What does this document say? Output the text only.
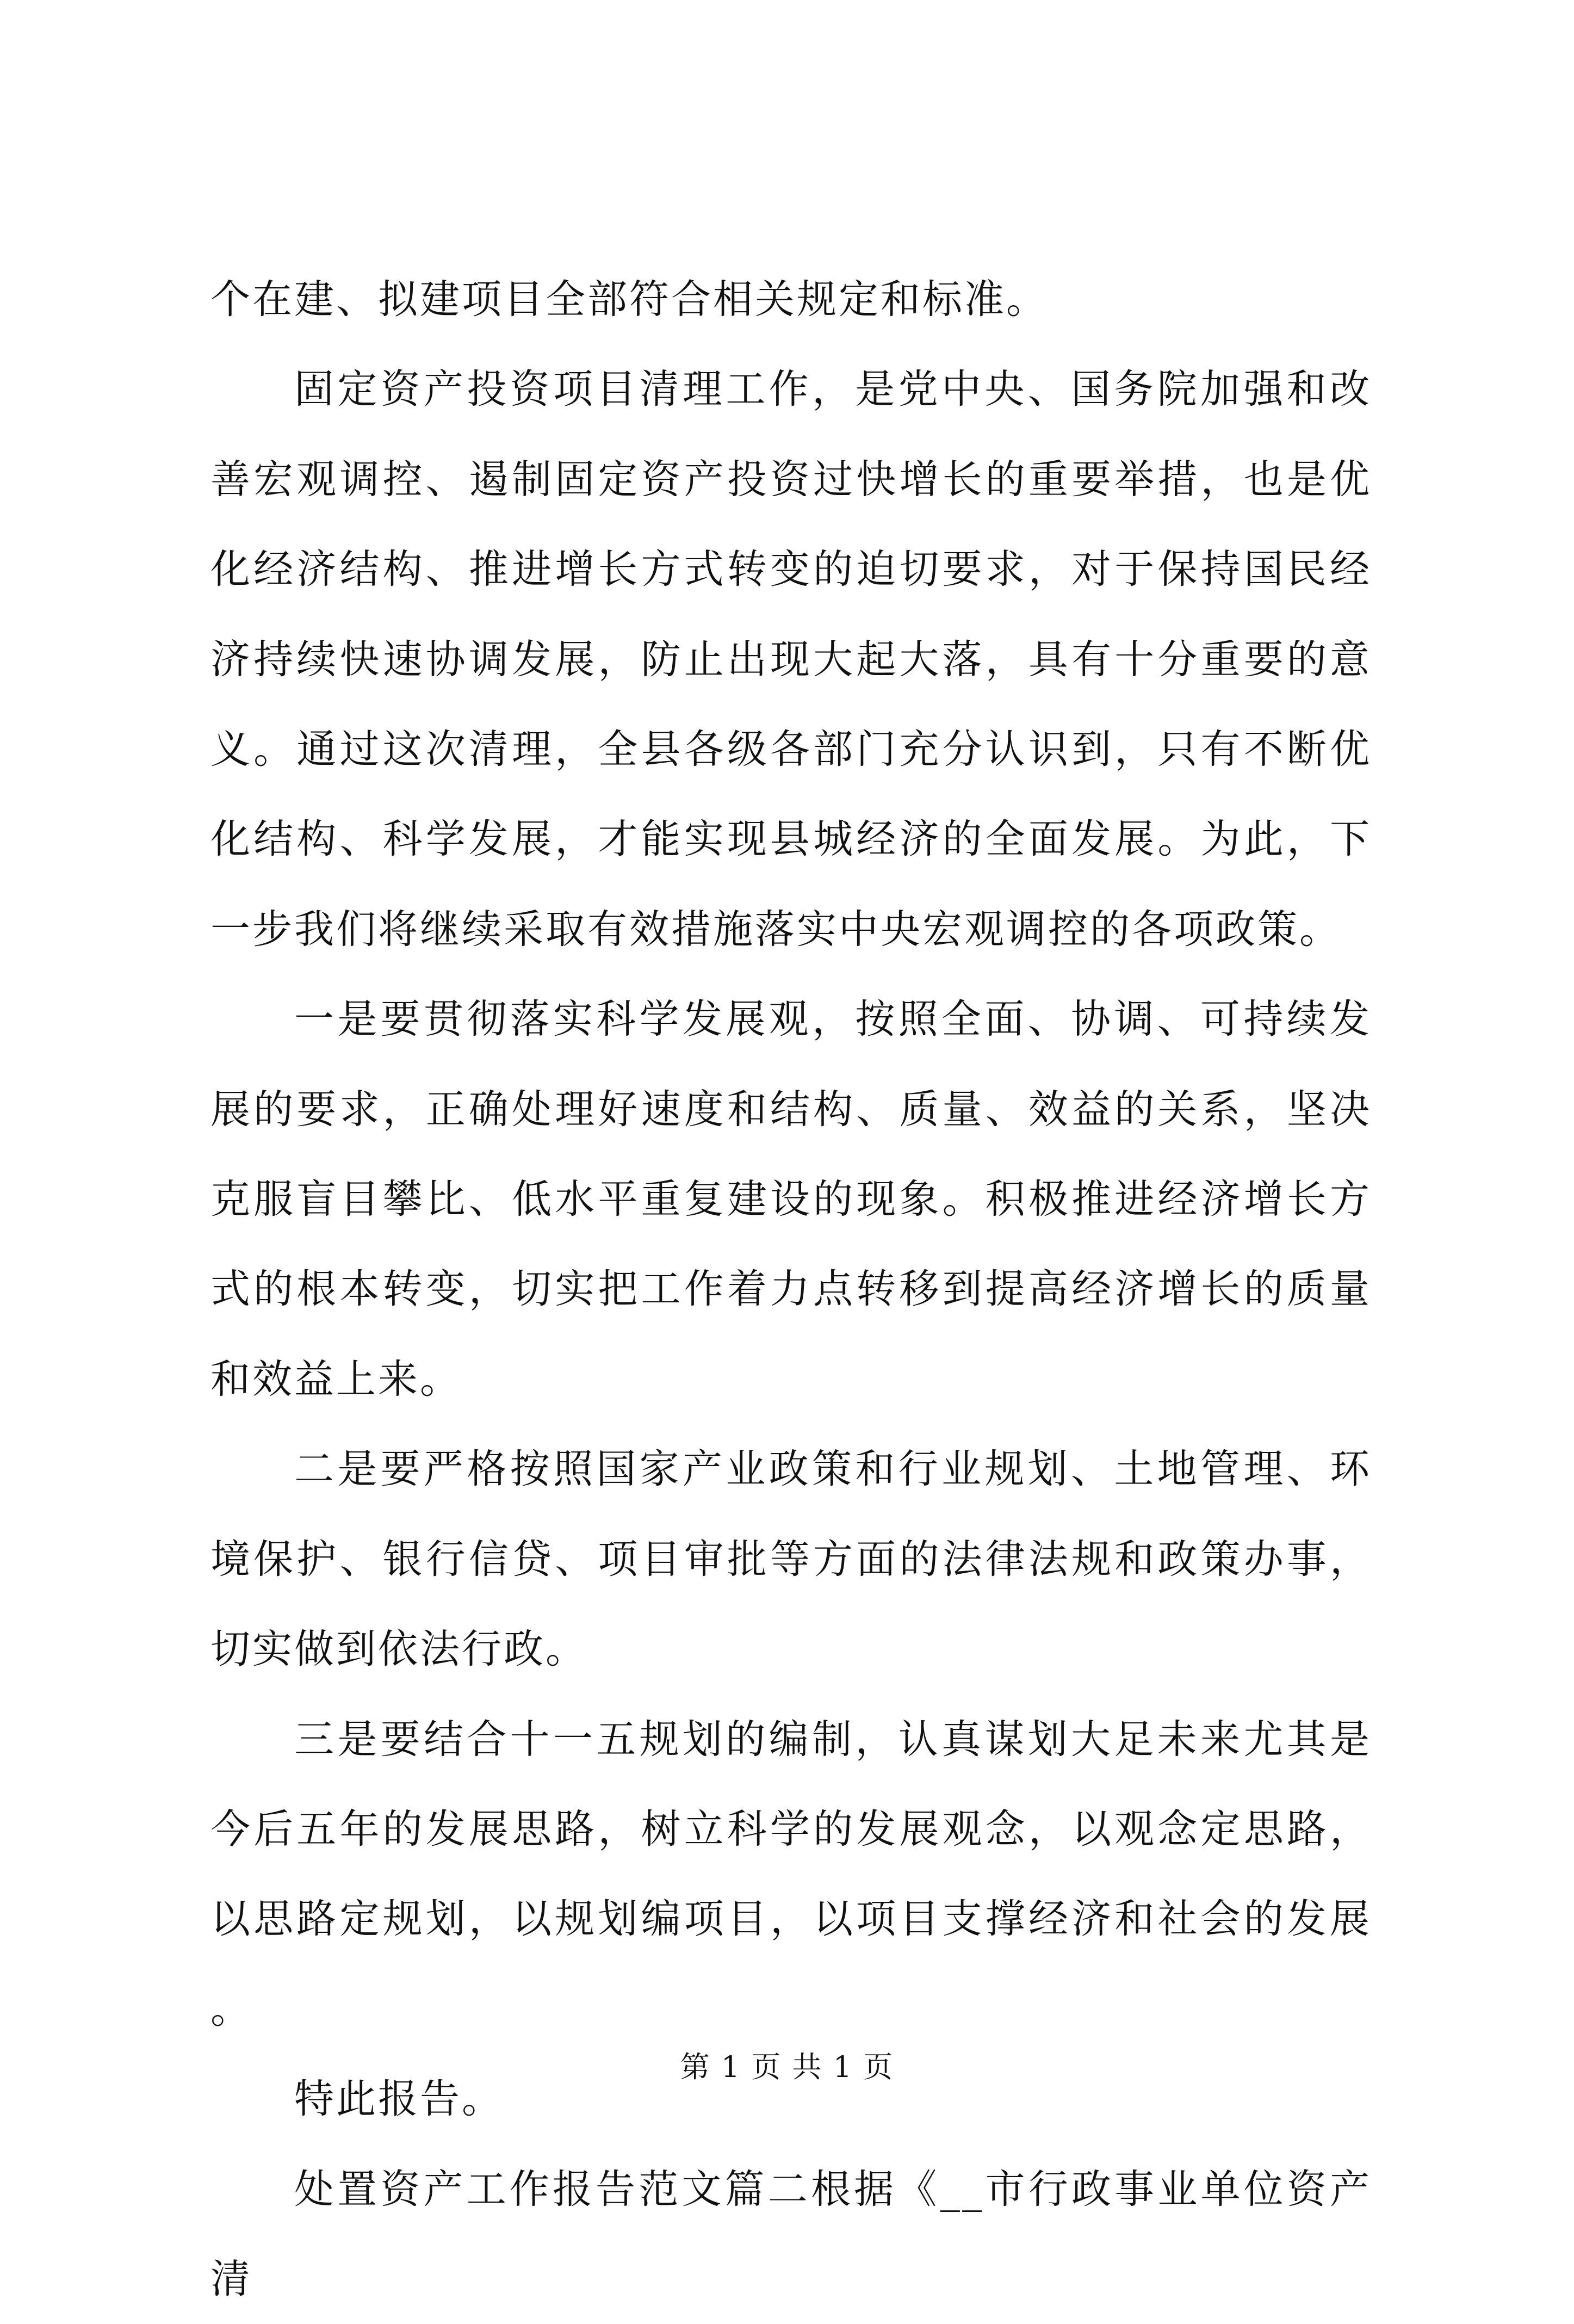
个在建、拟建项目全部符合相关规定和标准。

固定资产投资项目清理工作，是党中央、国务院加强和改善宏观调控、遏制固定资产投资过快增长的重要举措，也是优化经济结构、推进增长方式转变的迫切要求，对于保持国民经济持续快速协调发展，防止出现大起大落，具有十分重要的意义。通过这次清理，全县各级各部门充分认识到，只有不断优化结构、科学发展，才能实现县城经济的全面发展。为此，下一步我们将继续采取有效措施落实中央宏观调控的各项政策。

一是要贯彻落实科学发展观，按照全面、协调、可持续发展的要求，正确处理好速度和结构、质量、效益的关系，坚决克服盲目攀比、低水平重复建设的现象。积极推进经济增长方式的根本转变，切实把工作着力点转移到提高经济增长的质量和效益上来。

二是要严格按照国家产业政策和行业规划、土地管理、环境保护、银行信贷、项目审批等方面的法律法规和政策办事，切实做到依法行政。

三是要结合十一五规划的编制，认真谋划大足未来尤其是今后五年的发展思路，树立科学的发展观念，以观念定思路，以思路定规划，以规划编项目，以项目支撑经济和社会的发展。

特此报告。

处置资产工作报告范文篇二根据《__市行政事业单位资产清

第 1 页 共 1 页
